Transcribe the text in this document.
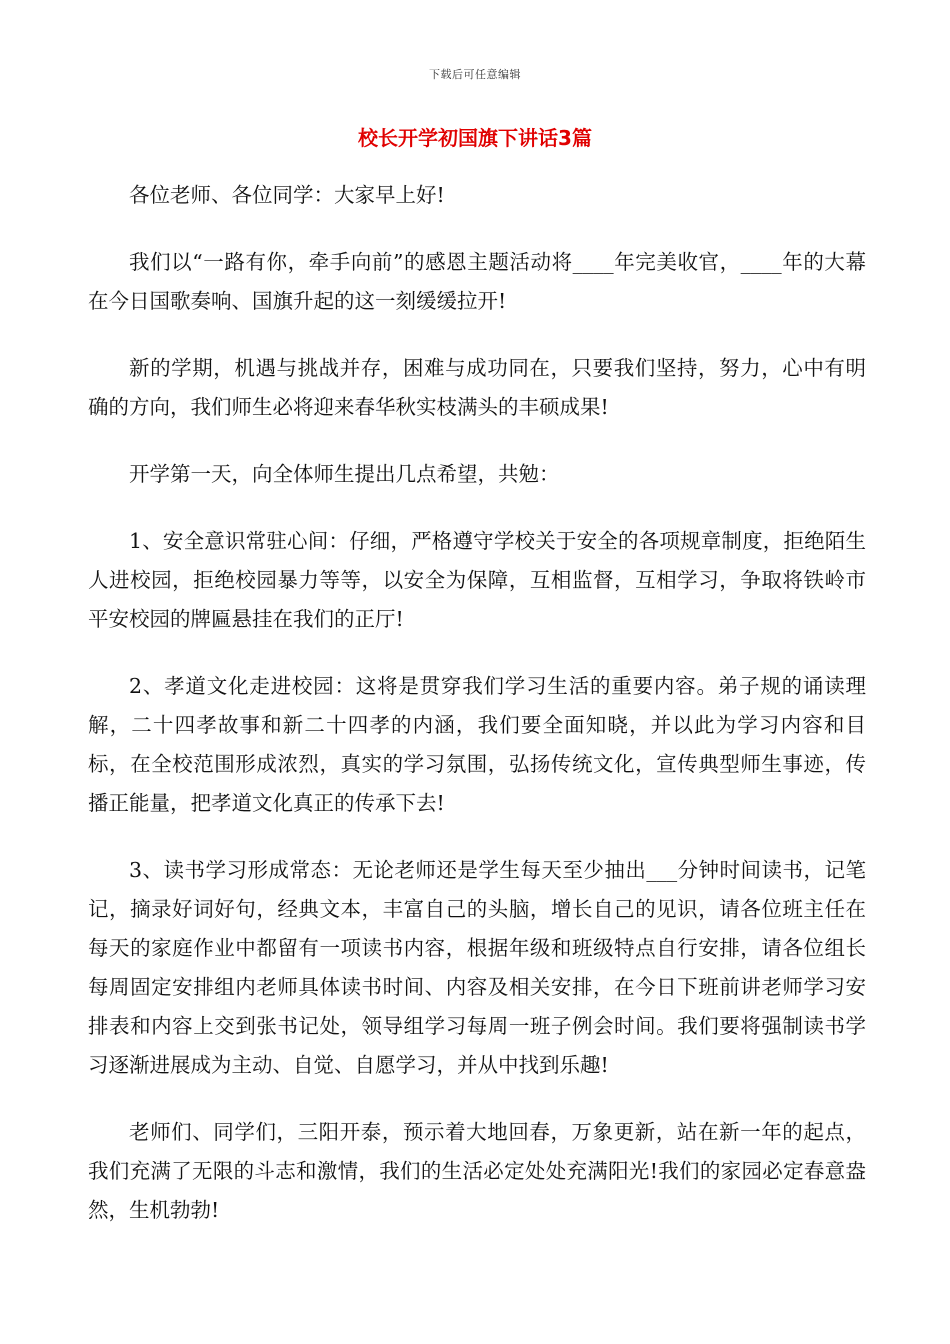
下载后可任意编辑
校长开学初国旗下讲话3篇

各位老师、各位同学：大家早上好!

我们以“一路有你，牵手向前”的感恩主题活动将____年完美收官，____年的大幕在今日国歌奏响、国旗升起的这一刻缓缓拉开!

新的学期，机遇与挑战并存，困难与成功同在，只要我们坚持，努力，心中有明确的方向，我们师生必将迎来春华秋实枝满头的丰硕成果!

开学第一天，向全体师生提出几点希望，共勉：

1、安全意识常驻心间：仔细，严格遵守学校关于安全的各项规章制度，拒绝陌生人进校园，拒绝校园暴力等等，以安全为保障，互相监督，互相学习，争取将铁岭市平安校园的牌匾悬挂在我们的正厅!

2、孝道文化走进校园：这将是贯穿我们学习生活的重要内容。弟子规的诵读理解，二十四孝故事和新二十四孝的内涵，我们要全面知晓，并以此为学习内容和目标，在全校范围形成浓烈，真实的学习氛围，弘扬传统文化，宣传典型师生事迹，传播正能量，把孝道文化真正的传承下去!

3、读书学习形成常态：无论老师还是学生每天至少抽出___分钟时间读书，记笔记，摘录好词好句，经典文本，丰富自己的头脑，增长自己的见识，请各位班主任在每天的家庭作业中都留有一项读书内容，根据年级和班级特点自行安排，请各位组长每周固定安排组内老师具体读书时间、内容及相关安排，在今日下班前讲老师学习安排表和内容上交到张书记处，领导组学习每周一班子例会时间。我们要将强制读书学习逐渐进展成为主动、自觉、自愿学习，并从中找到乐趣!

老师们、同学们，三阳开泰，预示着大地回春，万象更新，站在新一年的起点，我们充满了无限的斗志和激情，我们的生活必定处处充满阳光!我们的家园必定春意盎然，生机勃勃!
